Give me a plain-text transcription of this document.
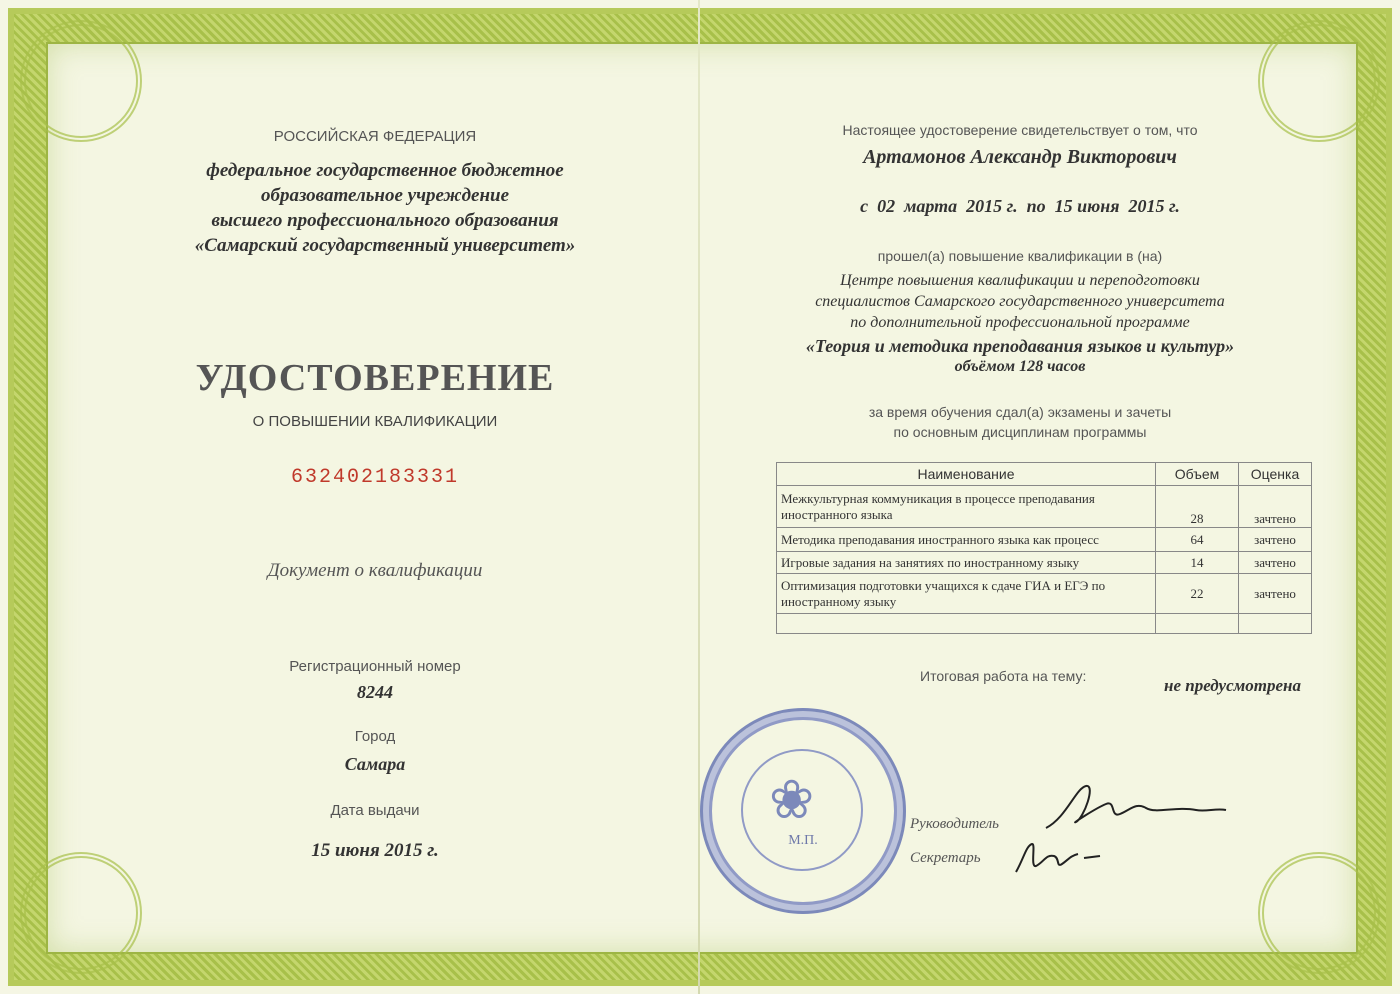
РОССИЙСКАЯ ФЕДЕРАЦИЯ
федеральное государственное бюджетное
образовательное учреждение
высшего профессионального образования
«Самарский государственный университет»
УДОСТОВЕРЕНИЕ
О ПОВЫШЕНИИ КВАЛИФИКАЦИИ
632402183331
Документ о квалификации
Регистрационный номер
8244
Город
Самара
Дата выдачи
15 июня 2015 г.
Настоящее удостоверение свидетельствует о том, что
Артамонов Александр Викторович
с  02  марта  2015 г.  по  15 июня  2015 г.
прошел(а) повышение квалификации в (на)
Центре повышения квалификации и переподготовки
специалистов Самарского государственного университета
по дополнительной профессиональной программе
«Теория и методика преподавания языков и культур»
объёмом 128 часов
за время обучения сдал(а) экзамены и зачеты
по основным дисциплинам программы
Наименование	Объем	Оценка
Межкультурная коммуникация в процессе преподавания иностранного языка	28	зачтено
Методика преподавания иностранного языка как процесс	64	зачтено
Игровые задания на занятиях по иностранному языку	14	зачтено
Оптимизация подготовки учащихся к сдаче ГИА и ЕГЭ по иностранному языку	22	зачтено

Итоговая работа на тему:	не предусмотрена
❀
М.П.
Руководитель
Секретарь
